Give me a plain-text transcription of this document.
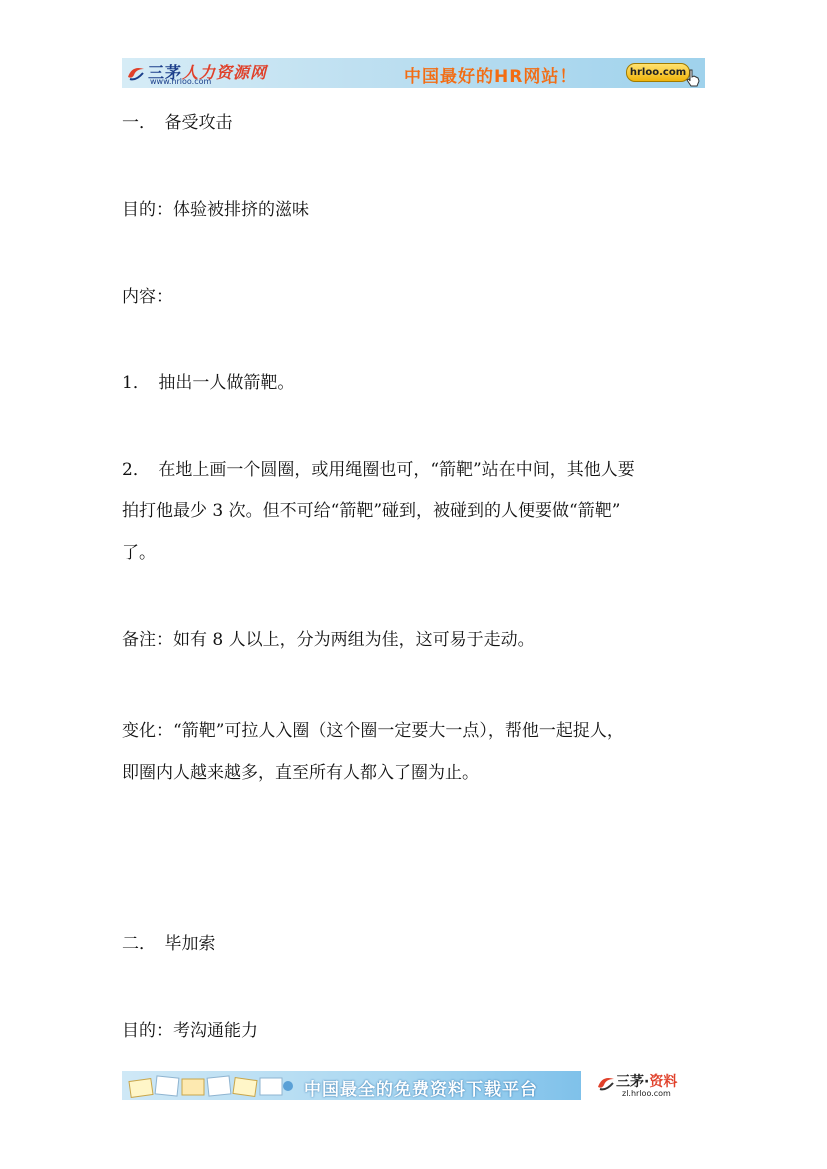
三茅人力资源网
www.hrloo.com	中国最好的HR网站！	hrloo.com
一．　备受攻击
目的：体验被排挤的滋味
内容：
1．　抽出一人做箭靶。
2．　在地上画一个圆圈，或用绳圈也可，“箭靶”站在中间，其他人要
拍打他最少 3 次。但不可给“箭靶”碰到，被碰到的人便要做“箭靶”
了。
备注：如有 8 人以上，分为两组为佳，这可易于走动。
变化：“箭靶”可拉人入圈（这个圈一定要大一点），帮他一起捉人，
即圈内人越来越多，直至所有人都入了圈为止。
二．　毕加索
目的：考沟通能力
中国最全的免费资料下载平台	三茅·资料
zl.hrloo.com
